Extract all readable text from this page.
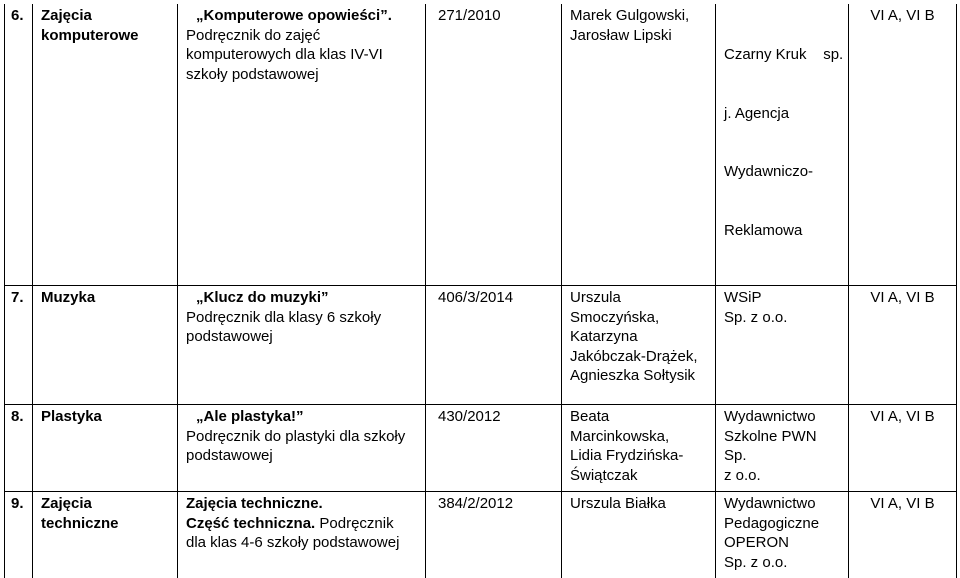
6.	Zajęcia komputerowe	„Komputerowe opowieści”.
Podręcznik do zajęć komputerowych dla klas IV-VI szkoły podstawowej	271/2010	Marek Gulgowski,
Jarosław Lipski	Czarny Kruk    sp.

j. Agencja

Wydawniczo-

Reklamowa	VI A, VI B
7.	Muzyka	„Klucz do muzyki”
Podręcznik dla klasy 6 szkoły podstawowej	406/3/2014	Urszula
Smoczyńska,
Katarzyna
Jakóbczak-Drążek,
Agnieszka Sołtysik	WSiP
Sp. z o.o.	VI A, VI B
8.	Plastyka	„Ale plastyka!”
Podręcznik do plastyki dla szkoły podstawowej	430/2012	Beata Marcinkowska,
Lidia Frydzińska-
Świątczak	Wydawnictwo
Szkolne PWN Sp.
z o.o.	VI A, VI B
9.	Zajęcia techniczne	Zajęcia techniczne.
Część techniczna. Podręcznik dla klas 4-6 szkoły podstawowej	384/2/2012	Urszula Białka	Wydawnictwo
Pedagogiczne
OPERON
Sp. z o.o.	VI A, VI B
